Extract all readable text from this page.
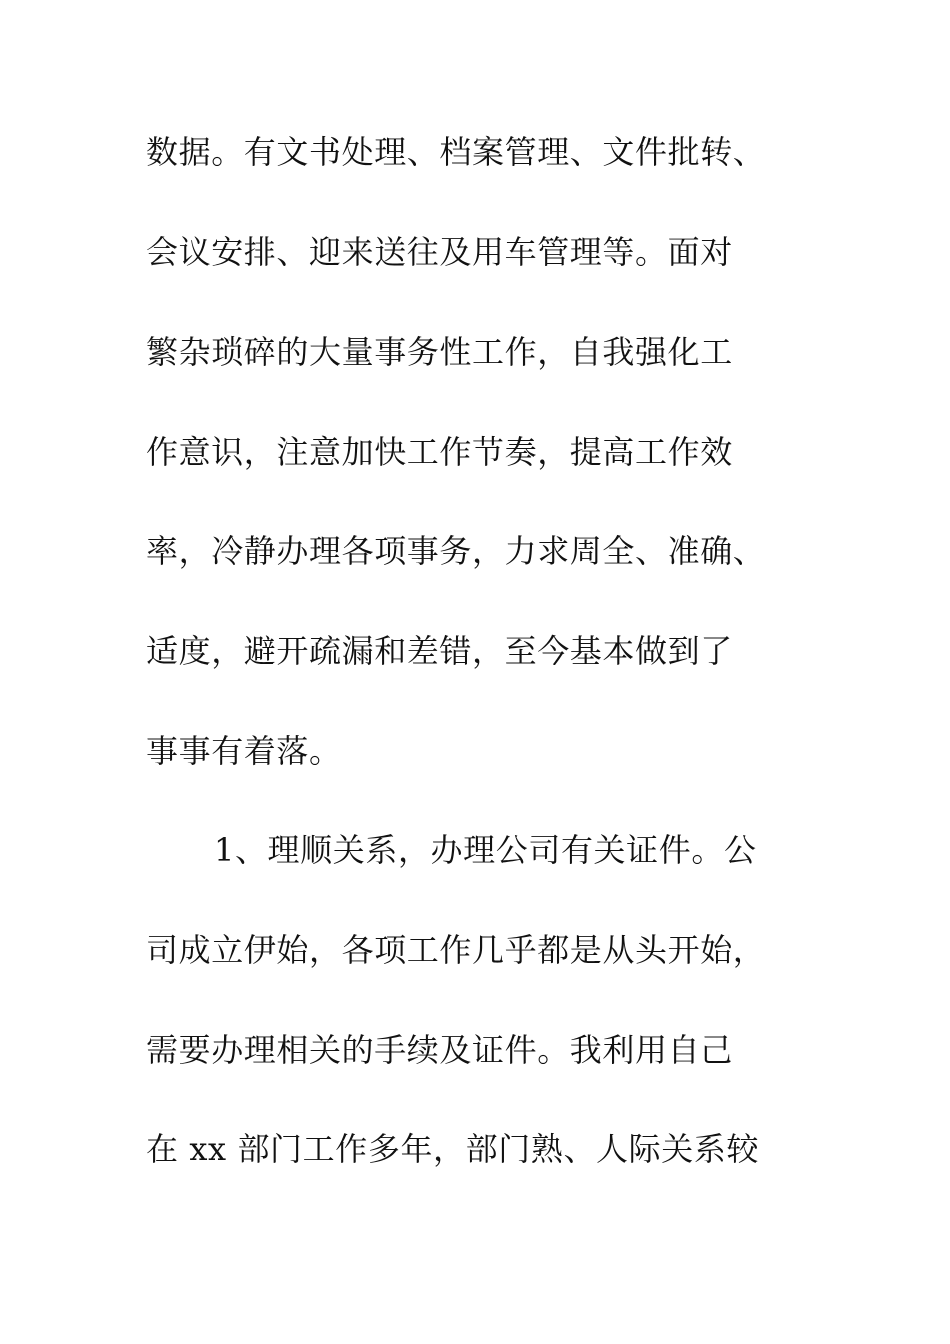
数据。有文书处理、档案管理、文件批转、
会议安排、迎来送往及用车管理等。面对
繁杂琐碎的大量事务性工作，自我强化工
作意识，注意加快工作节奏，提高工作效
率，冷静办理各项事务，力求周全、准确、
适度，避开疏漏和差错，至今基本做到了
事事有着落。
1、理顺关系，办理公司有关证件。公
司成立伊始，各项工作几乎都是从头开始，
需要办理相关的手续及证件。我利用自己
在 xx 部门工作多年，部门熟、人际关系较
